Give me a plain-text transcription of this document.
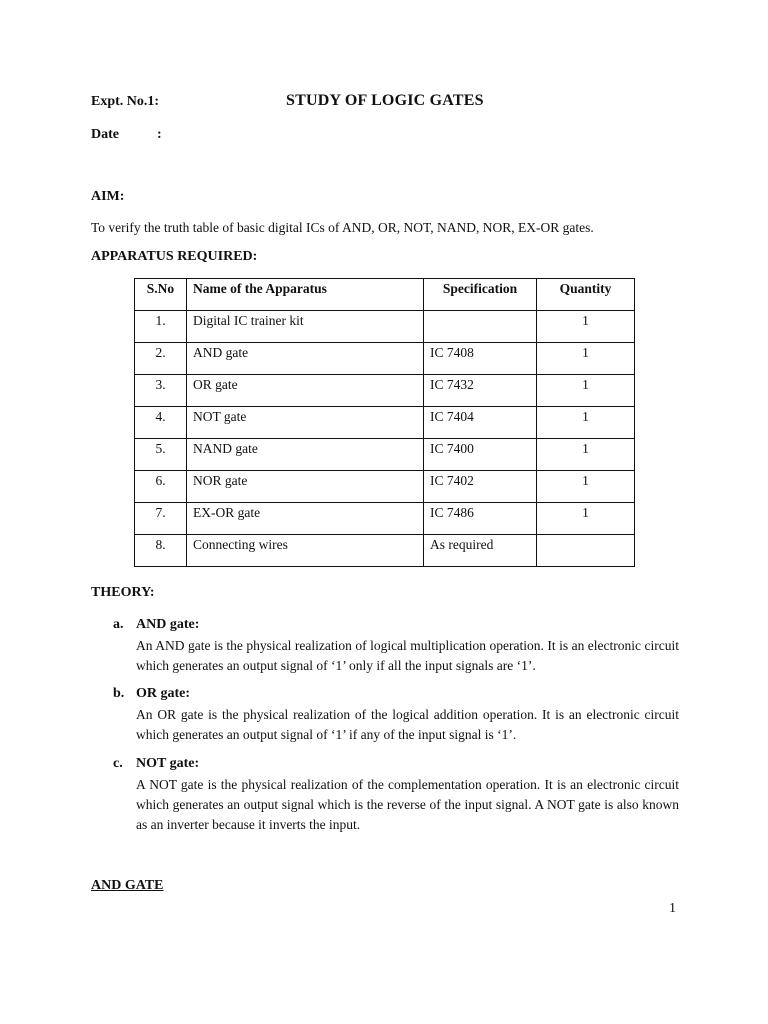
Expt. No.1:	STUDY OF LOGIC GATES
Date	:
AIM:
To verify the truth table of basic digital ICs of AND, OR, NOT, NAND, NOR, EX-OR gates.
APPARATUS REQUIRED:
S.No	Name of the Apparatus	Specification	Quantity
1.	Digital IC trainer kit		1
2.	AND gate	IC 7408	1
3.	OR gate	IC 7432	1
4.	NOT gate	IC 7404	1
5.	NAND gate	IC 7400	1
6.	NOR gate	IC 7402	1
7.	EX-OR gate	IC 7486	1
8.	Connecting wires	As required	
THEORY:
a. AND gate:
An AND gate is the physical realization of logical multiplication operation. It is an electronic circuit which generates an output signal of ‘1’ only if all the input signals are ‘1’.
b. OR gate:
An OR gate is the physical realization of the logical addition operation. It is an electronic circuit which generates an output signal of ‘1’ if any of the input signal is ‘1’.
c. NOT gate:
A NOT gate is the physical realization of the complementation operation. It is an electronic circuit which generates an output signal which is the reverse of the input signal. A NOT gate is also known as an inverter because it inverts the input.
AND GATE
1
